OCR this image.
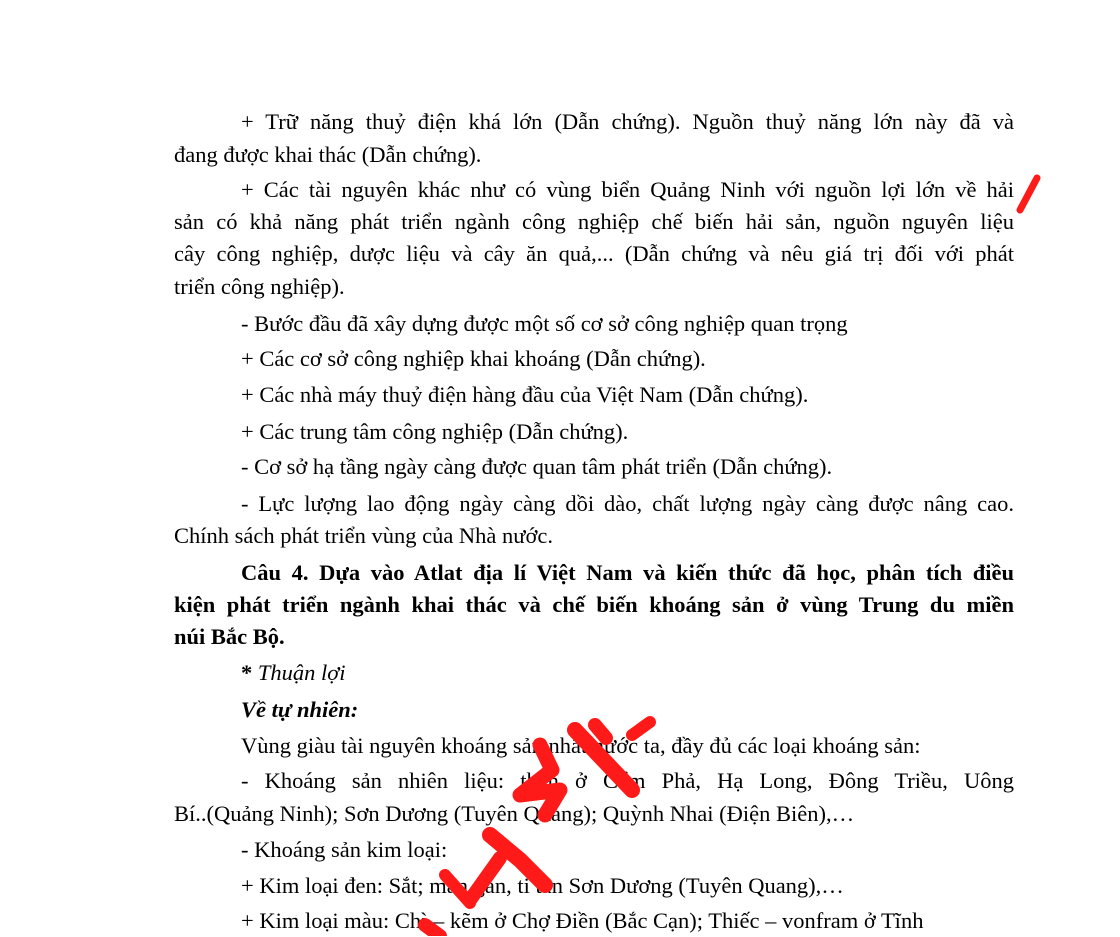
+ Trữ năng thuỷ điện khá lớn (Dẫn chứng). Nguồn thuỷ năng lớn này đã và
đang được khai thác (Dẫn chứng).
+ Các tài nguyên khác như có vùng biển Quảng Ninh với nguồn lợi lớn về hải
sản có khả năng phát triển ngành công nghiệp chế biến hải sản, nguồn nguyên liệu
cây công nghiệp, dược liệu và cây ăn quả,... (Dẫn chứng và nêu giá trị đối với phát
triển công nghiệp).
- Bước đầu đã xây dựng được một số cơ sở công nghiệp quan trọng
+ Các cơ sở công nghiệp khai khoáng (Dẫn chứng).
+ Các nhà máy thuỷ điện hàng đầu của Việt Nam (Dẫn chứng).
+ Các trung tâm công nghiệp (Dẫn chứng).
- Cơ sở hạ tầng ngày càng được quan tâm phát triển (Dẫn chứng).
- Lực lượng lao động ngày càng dồi dào, chất lượng ngày càng được nâng cao.
Chính sách phát triển vùng của Nhà nước.
Câu 4. Dựa vào Atlat địa lí Việt Nam và kiến thức đã học, phân tích điều
kiện phát triển ngành khai thác và chế biến khoáng sản ở vùng Trung du miền
núi Bắc Bộ.
* Thuận lợi
Về tự nhiên:
Vùng giàu tài nguyên khoáng sản nhất nước ta, đầy đủ các loại khoáng sản:
- Khoáng sản nhiên liệu: than ở Cẩm Phả, Hạ Long, Đông Triều, Uông
Bí..(Quảng Ninh); Sơn Dương (Tuyên Quang); Quỳnh Nhai (Điện Biên),…
- Khoáng sản kim loại:
+ Kim loại đen: Sắt; man gan, ti tan Sơn Dương (Tuyên Quang),…
+ Kim loại màu: Chì – kẽm ở Chợ Điền (Bắc Cạn); Thiếc – vonfram ở Tĩnh
